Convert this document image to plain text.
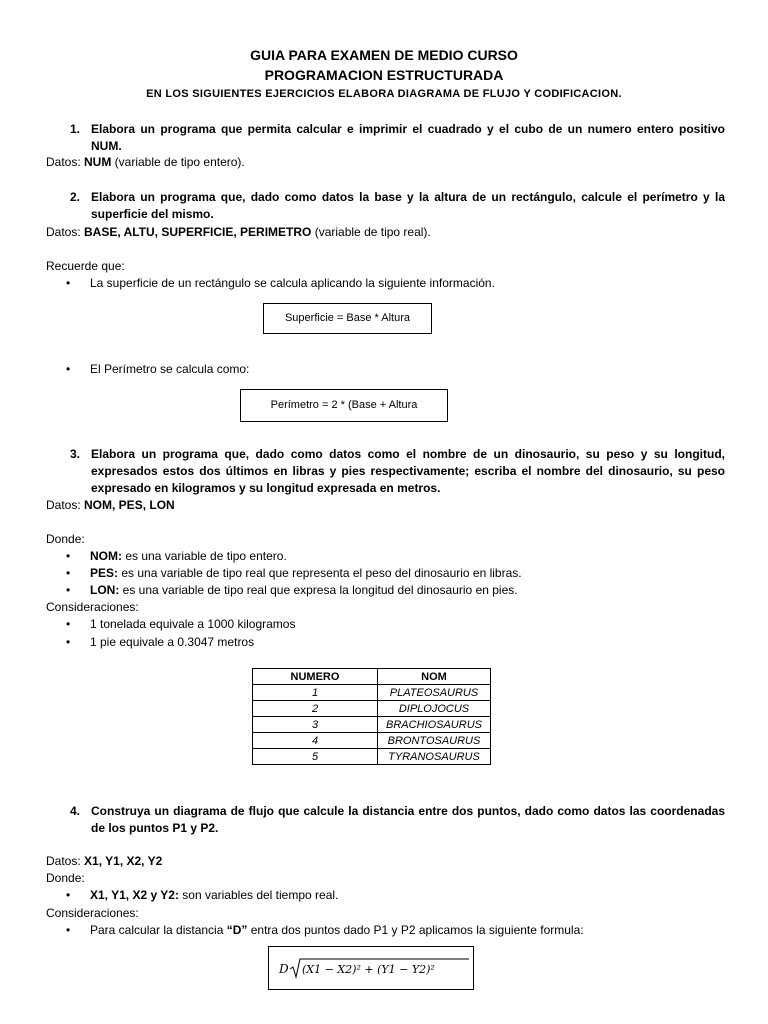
GUIA PARA EXAMEN DE MEDIO CURSO
PROGRAMACION ESTRUCTURADA
EN LOS SIGUIENTES EJERCICIOS ELABORA DIAGRAMA DE FLUJO Y CODIFICACION.
1. Elabora un programa que permita calcular e imprimir el cuadrado y el cubo de un numero entero positivo NUM.
Datos: NUM (variable de tipo entero).
2. Elabora un programa que, dado como datos la base y la altura de un rectángulo, calcule el perímetro y la superficie del mismo.
Datos: BASE, ALTU, SUPERFICIE, PERIMETRO (variable de tipo real).
Recuerde que:
• La superficie de un rectángulo se calcula aplicando la siguiente información.
Superficie = Base * Altura
• El Perímetro se calcula como:
Perímetro = 2 * (Base + Altura
3. Elabora un programa que, dado como datos como el nombre de un dinosaurio, su peso y su longitud, expresados estos dos últimos en libras y pies respectivamente; escriba el nombre del dinosaurio, su peso expresado en kilogramos y su longitud expresada en metros.
Datos: NOM, PES, LON
Donde:
• NOM: es una variable de tipo entero.
• PES: es una variable de tipo real que representa el peso del dinosaurio en libras.
• LON: es una variable de tipo real que expresa la longitud del dinosaurio en pies.
Consideraciones:
• 1 tonelada equivale a 1000 kilogramos
• 1 pie equivale a 0.3047 metros
NUMERO	NOM
1	PLATEOSAURUS
2	DIPLOJOCUS
3	BRACHIOSAURUS
4	BRONTOSAURUS
5	TYRANOSAURUS
4. Construya un diagrama de flujo que calcule la distancia entre dos puntos, dado como datos las coordenadas de los puntos P1 y P2.
Datos: X1, Y1, X2, Y2
Donde:
• X1, Y1, X2 y Y2: son variables del tiempo real.
Consideraciones:
• Para calcular la distancia “D” entra dos puntos dado P1 y P2 aplicamos la siguiente formula:
D (X1 − X2)² + (Y1 − Y2)²
